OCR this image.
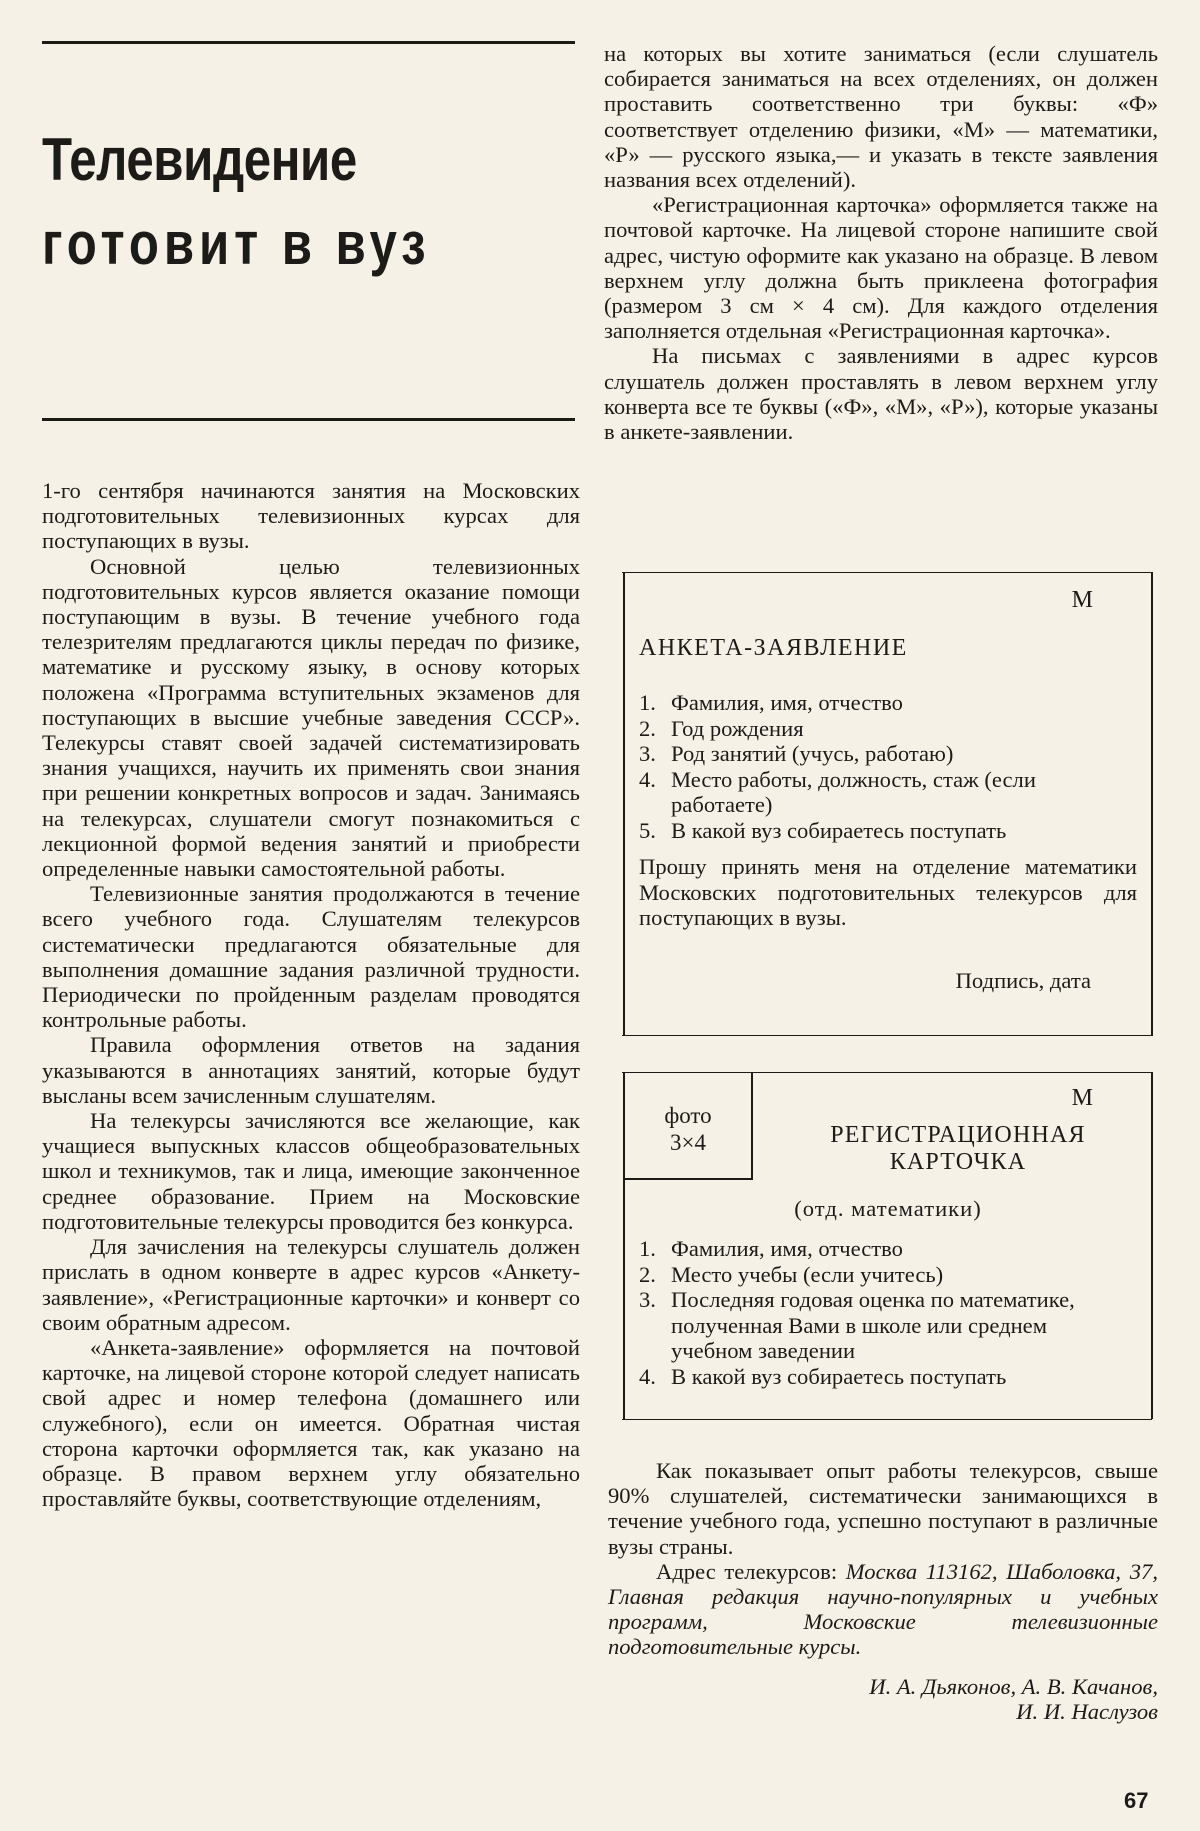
Телевидение
готовит в вуз

1-го сентября начинаются занятия на Московских подготовительных телевизионных курсах для поступающих в вузы.

Основной целью телевизионных подготовительных курсов является оказание помощи поступающим в вузы. В течение учебного года телезрителям предлагаются циклы передач по физике, математике и русскому языку, в основу которых положена «Программа вступительных экзаменов для поступающих в высшие учебные заведения СССР». Телекурсы ставят своей задачей систематизировать знания учащихся, научить их применять свои знания при решении конкретных вопросов и задач. Занимаясь на телекурсах, слушатели смогут познакомиться с лекционной формой ведения занятий и приобрести определенные навыки самостоятельной работы.

Телевизионные занятия продолжаются в течение всего учебного года. Слушателям телекурсов систематически предлагаются обязательные для выполнения домашние задания различной трудности. Периодически по пройденным разделам проводятся контрольные работы.

Правила оформления ответов на задания указываются в аннотациях занятий, которые будут высланы всем зачисленным слушателям.

На телекурсы зачисляются все желающие, как учащиеся выпускных классов общеобразовательных школ и техникумов, так и лица, имеющие законченное среднее образование. Прием на Московские подготовительные телекурсы проводится без конкурса.

Для зачисления на телекурсы слушатель должен прислать в одном конверте в адрес курсов «Анкету-заявление», «Регистрационные карточки» и конверт со своим обратным адресом.

«Анкета-заявление» оформляется на почтовой карточке, на лицевой стороне которой следует написать свой адрес и номер телефона (домашнего или служебного), если он имеется. Обратная чистая сторона карточки оформляется так, как указано на образце. В правом верхнем углу обязательно проставляйте буквы, соответствующие отделениям,

на которых вы хотите заниматься (если слушатель собирается заниматься на всех отделениях, он должен проставить соответственно три буквы: «Ф» соответствует отделению физики, «М» — математики, «Р» — русского языка,— и указать в тексте заявления названия всех отделений).

«Регистрационная карточка» оформляется также на почтовой карточке. На лицевой стороне напишите свой адрес, чистую оформите как указано на образце. В левом верхнем углу должна быть приклеена фотография (размером 3 см × 4 см). Для каждого отделения заполняется отдельная «Регистрационная карточка».

На письмах с заявлениями в адрес курсов слушатель должен проставлять в левом верхнем углу конверта все те буквы («Ф», «М», «Р»), которые указаны в анкете-заявлении.

М
АНКЕТА-ЗАЯВЛЕНИЕ
1. Фамилия, имя, отчество
2. Год рождения
3. Род занятий (учусь, работаю)
4. Место работы, должность, стаж (если работаете)
5. В какой вуз собираетесь поступать
Прошу принять меня на отделение математики Московских подготовительных телекурсов для поступающих в вузы.
Подпись, дата
фото
3×4
М
РЕГИСТРАЦИОННАЯ
КАРТОЧКА
(отд. математики)
1. Фамилия, имя, отчество
2. Место учебы (если учитесь)
3. Последняя годовая оценка по математике, полученная Вами в школе или среднем учебном заведении
4. В какой вуз собираетесь поступать

Как показывает опыт работы телекурсов, свыше 90% слушателей, систематически занимающихся в течение учебного года, успешно поступают в различные вузы страны.

Адрес телекурсов: Москва 113162, Шаболовка, 37, Главная редакция научно-популярных и учебных программ, Московские телевизионные подготовительные курсы.

И. А. Дьяконов, А. В. Качанов,
И. И. Наслузов

67
